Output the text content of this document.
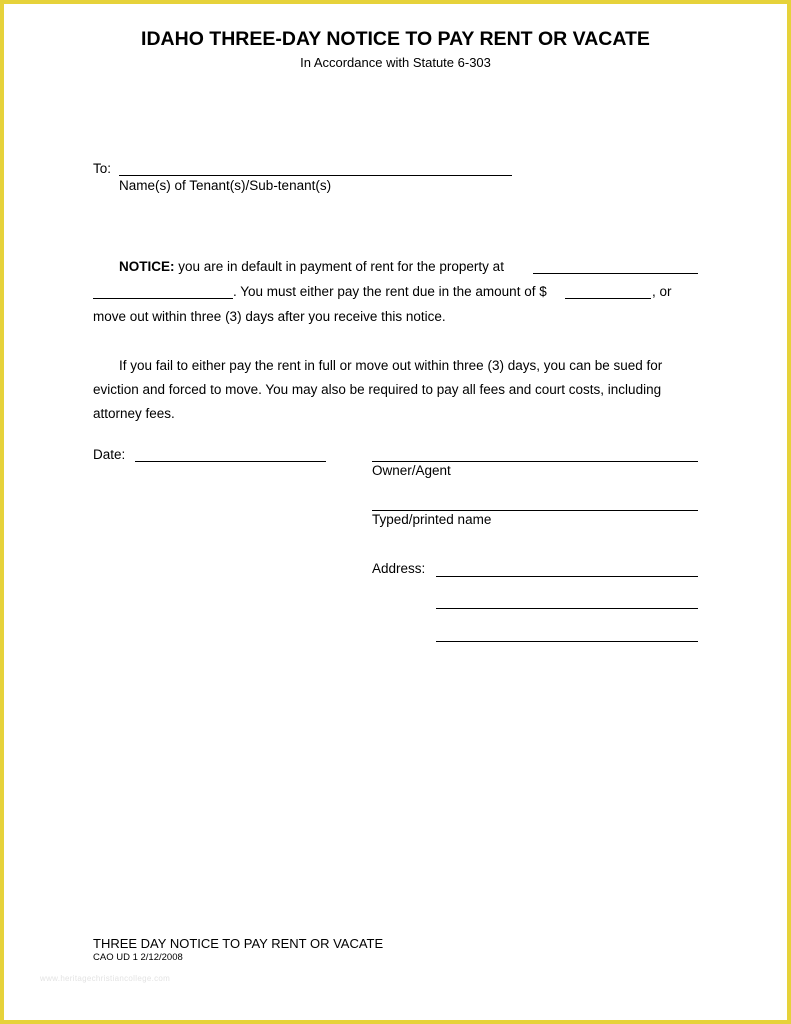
IDAHO THREE-DAY NOTICE TO PAY RENT OR VACATE
In Accordance with Statute 6-303
To:
Name(s) of Tenant(s)/Sub-tenant(s)
NOTICE: you are in default in payment of rent for the property at
. You must either pay the rent due in the amount of $	, or
move out within three (3) days after you receive this notice.
If you fail to either pay the rent in full or move out within three (3) days, you can be sued for
eviction and forced to move. You may also be required to pay all fees and court costs, including
attorney fees.
Date:
Owner/Agent
Typed/printed name
Address:
THREE DAY NOTICE TO PAY RENT OR VACATE
CAO UD 1 2/12/2008
www.heritagechristiancollege.com
